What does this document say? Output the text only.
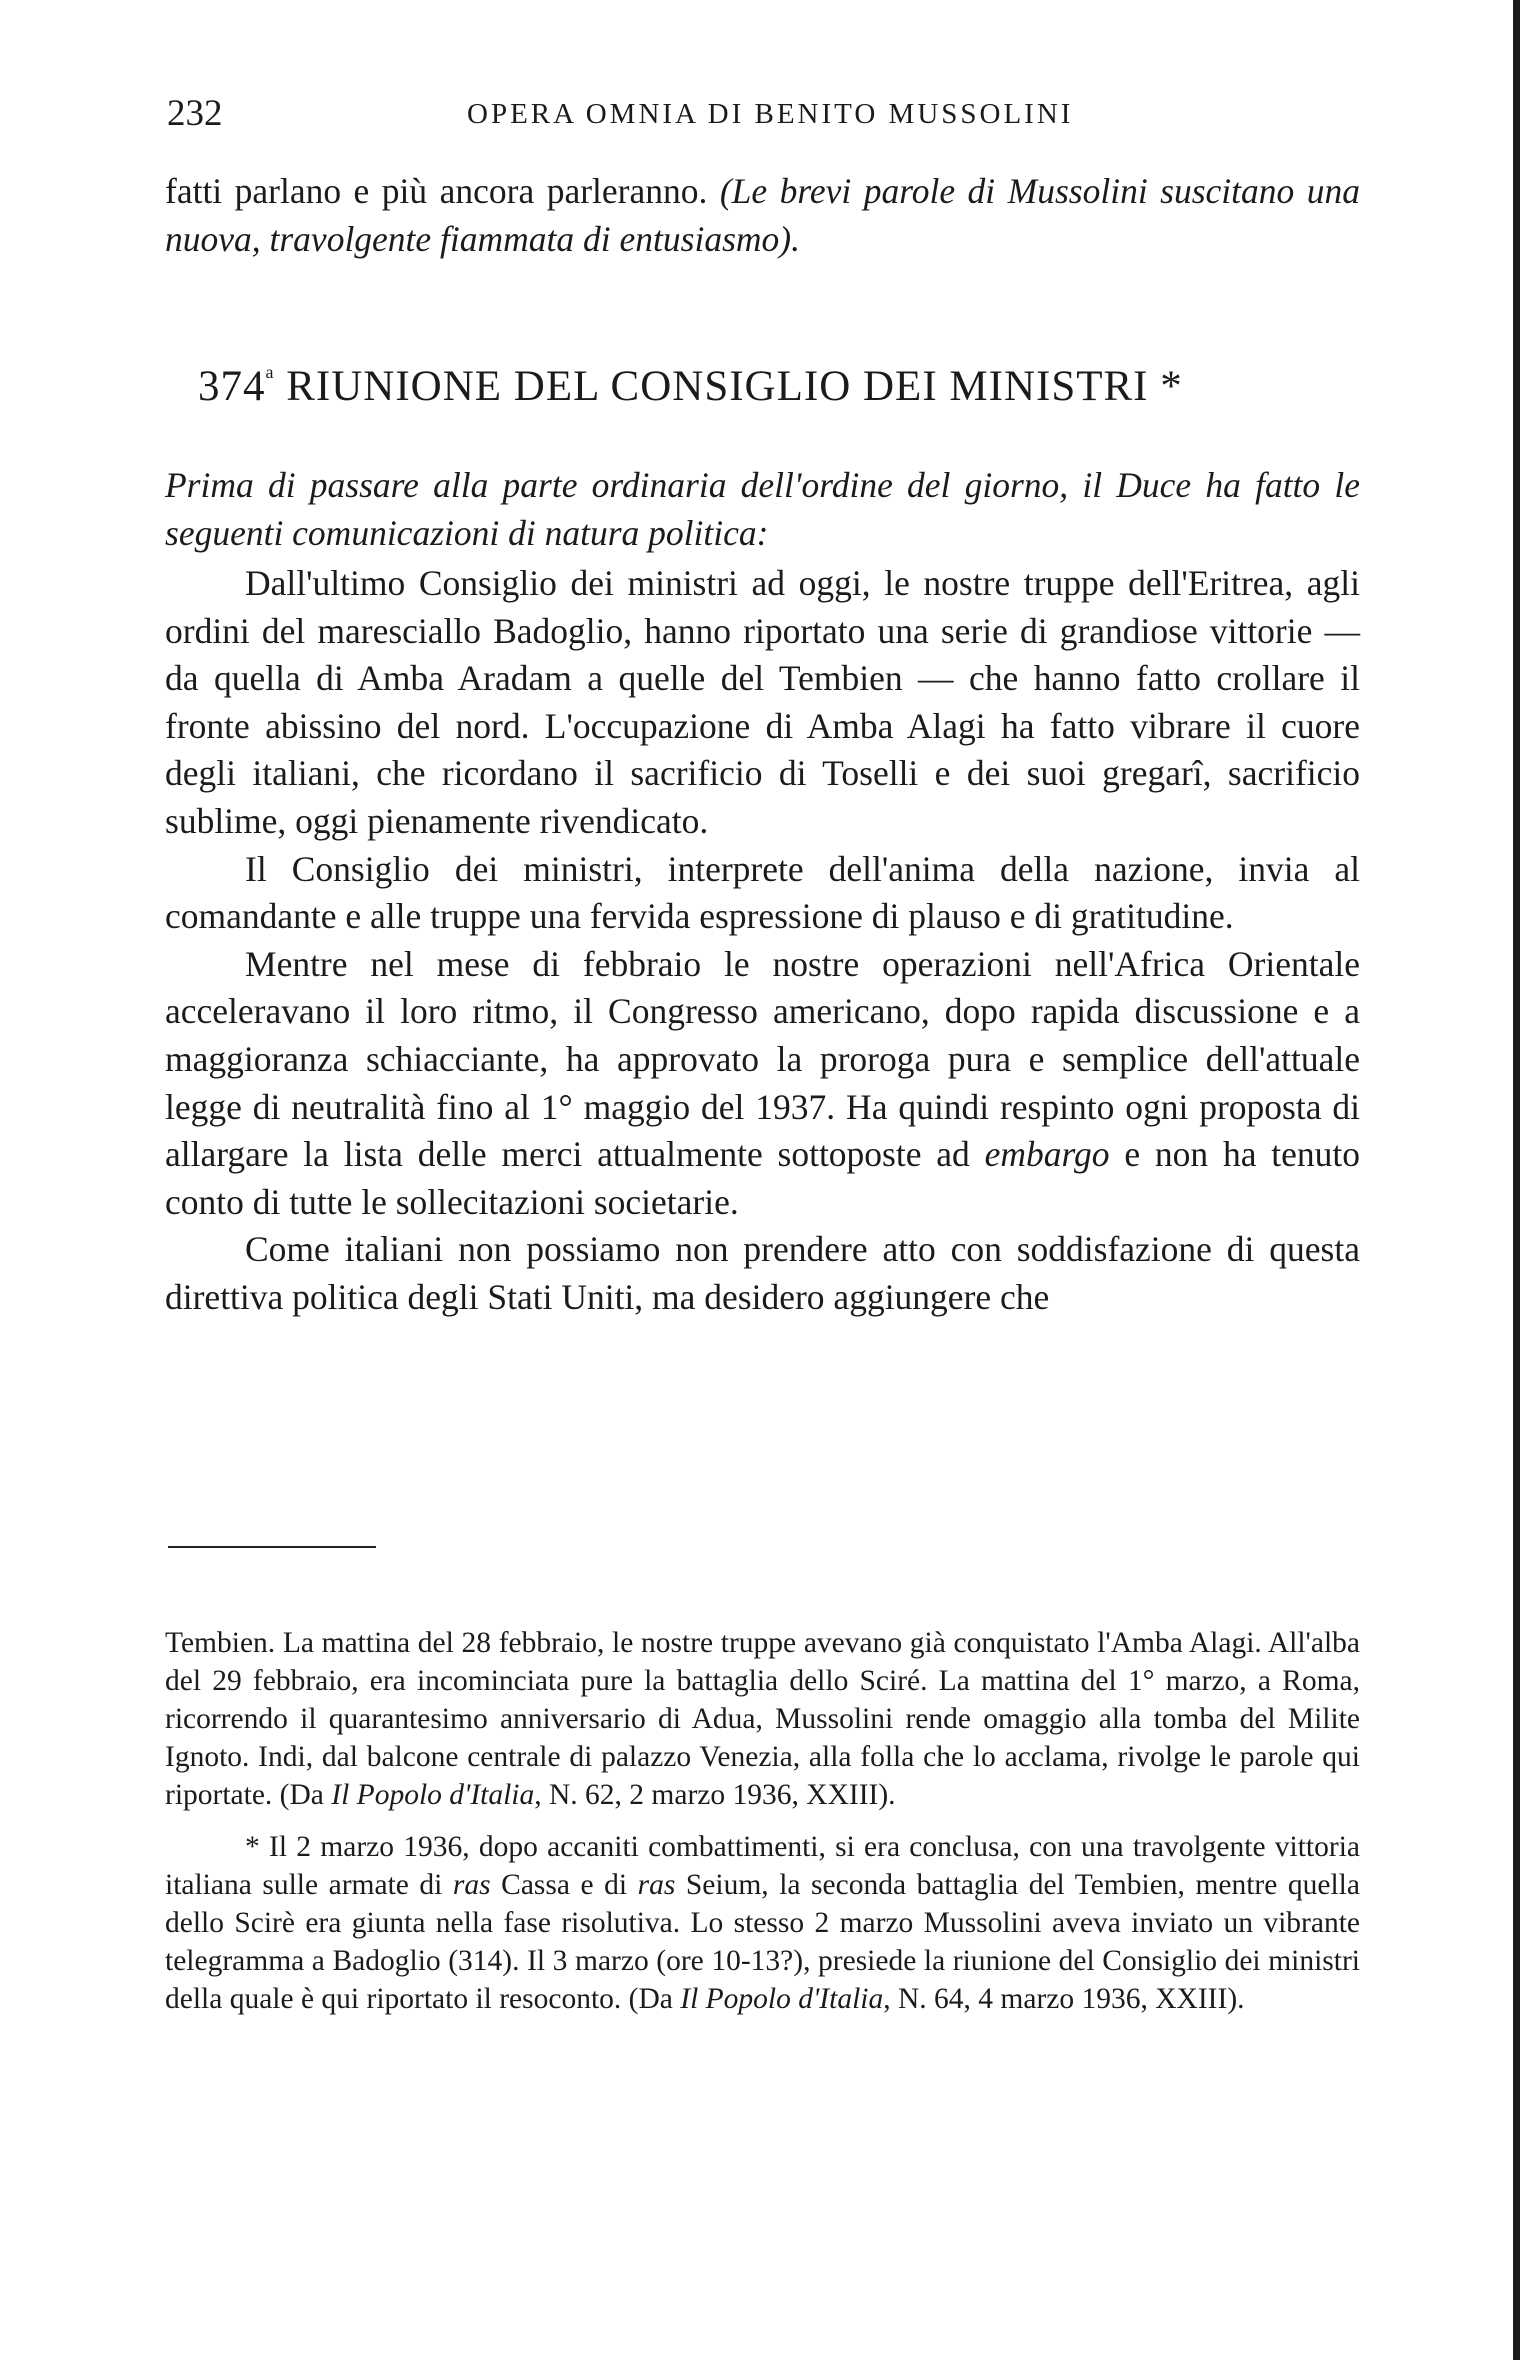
232	OPERA OMNIA DI BENITO MUSSOLINI

fatti parlano e più ancora parleranno. (Le brevi parole di Mussolini suscitano una nuova, travolgente fiammata di entusiasmo).

374$^a$ RIUNIONE DEL CONSIGLIO DEI MINISTRI *

Prima di passare alla parte ordinaria dell'ordine del giorno, il Duce ha fatto le seguenti comunicazioni di natura politica:

Dall'ultimo Consiglio dei ministri ad oggi, le nostre truppe dell'Eritrea, agli ordini del maresciallo Badoglio, hanno riportato una serie di grandiose vittorie — da quella di Amba Aradam a quelle del Tembien — che hanno fatto crollare il fronte abissino del nord. L'occupazione di Amba Alagi ha fatto vibrare il cuore degli italiani, che ricordano il sacrificio di Toselli e dei suoi gregarî, sacrificio sublime, oggi pienamente rivendicato.

Il Consiglio dei ministri, interprete dell'anima della nazione, invia al comandante e alle truppe una fervida espressione di plauso e di gratitudine.

Mentre nel mese di febbraio le nostre operazioni nell'Africa Orientale acceleravano il loro ritmo, il Congresso americano, dopo rapida discussione e a maggioranza schiacciante, ha approvato la proroga pura e semplice dell'attuale legge di neutralità fino al 1° maggio del 1937. Ha quindi respinto ogni proposta di allargare la lista delle merci attualmente sottoposte ad embargo e non ha tenuto conto di tutte le sollecitazioni societarie.

Come italiani non possiamo non prendere atto con soddisfazione di questa direttiva politica degli Stati Uniti, ma desidero aggiungere che

Tembien. La mattina del 28 febbraio, le nostre truppe avevano già conquistato l'Amba Alagi. All'alba del 29 febbraio, era incominciata pure la battaglia dello Sciré. La mattina del 1° marzo, a Roma, ricorrendo il quarantesimo anniversario di Adua, Mussolini rende omaggio alla tomba del Milite Ignoto. Indi, dal balcone centrale di palazzo Venezia, alla folla che lo acclama, rivolge le parole qui riportate. (Da Il Popolo d'Italia, N. 62, 2 marzo 1936, XXIII).

* Il 2 marzo 1936, dopo accaniti combattimenti, si era conclusa, con una travolgente vittoria italiana sulle armate di ras Cassa e di ras Seium, la seconda battaglia del Tembien, mentre quella dello Scirè era giunta nella fase risolutiva. Lo stesso 2 marzo Mussolini aveva inviato un vibrante telegramma a Badoglio (314). Il 3 marzo (ore 10-13?), presiede la riunione del Consiglio dei ministri della quale è qui riportato il resoconto. (Da Il Popolo d'Italia, N. 64, 4 marzo 1936, XXIII).
